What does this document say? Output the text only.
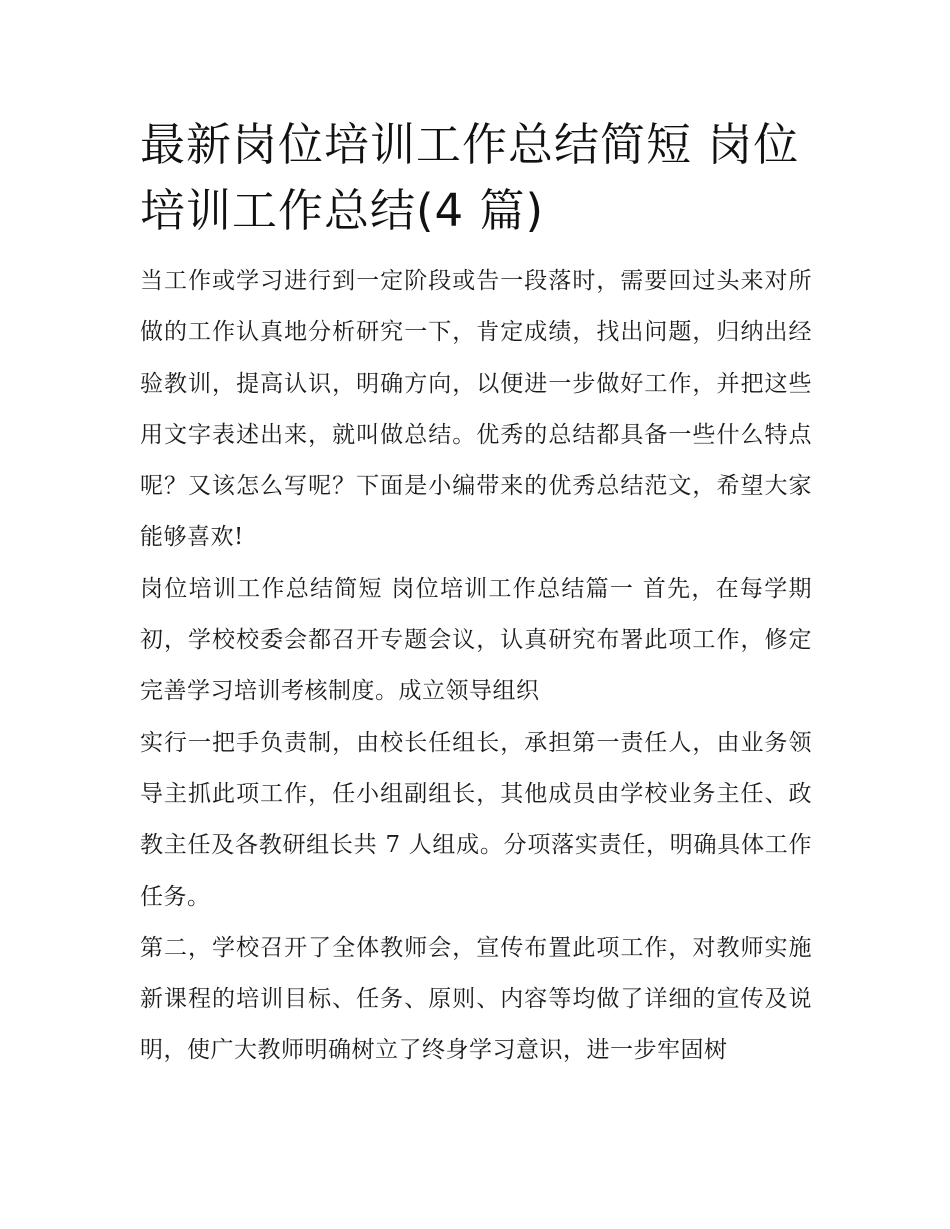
最新岗位培训工作总结简短 岗位培训工作总结(4 篇)

当工作或学习进行到一定阶段或告一段落时，需要回过头来对所做的工作认真地分析研究一下，肯定成绩，找出问题，归纳出经验教训，提高认识，明确方向，以便进一步做好工作，并把这些用文字表述出来，就叫做总结。优秀的总结都具备一些什么特点呢？又该怎么写呢？下面是小编带来的优秀总结范文，希望大家能够喜欢!

岗位培训工作总结简短 岗位培训工作总结篇一 首先，在每学期初，学校校委会都召开专题会议，认真研究布署此项工作，修定完善学习培训考核制度。成立领导组织

实行一把手负责制，由校长任组长，承担第一责任人，由业务领导主抓此项工作，任小组副组长，其他成员由学校业务主任、政教主任及各教研组长共 7 人组成。分项落实责任，明确具体工作任务。

第二，学校召开了全体教师会，宣传布置此项工作，对教师实施新课程的培训目标、任务、原则、内容等均做了详细的宣传及说明，使广大教师明确树立了终身学习意识，进一步牢固树
